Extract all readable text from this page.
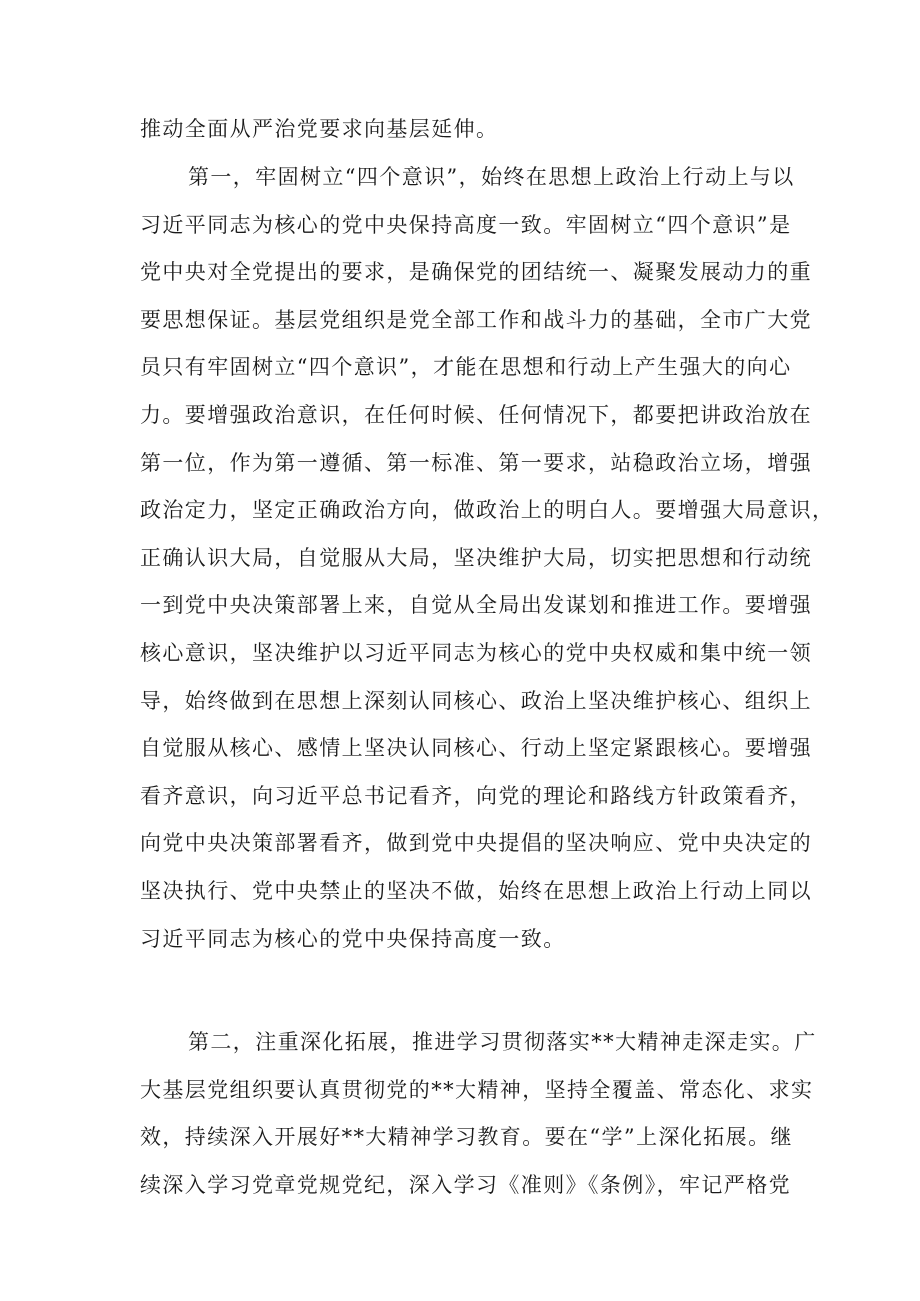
推动全面从严治党要求向基层延伸。
第一，牢固树立“四个意识”，始终在思想上政治上行动上与以
习近平同志为核心的党中央保持高度一致。牢固树立“四个意识”是
党中央对全党提出的要求，是确保党的团结统一、凝聚发展动力的重
要思想保证。基层党组织是党全部工作和战斗力的基础，全市广大党
员只有牢固树立“四个意识”，才能在思想和行动上产生强大的向心
力。要增强政治意识，在任何时候、任何情况下，都要把讲政治放在
第一位，作为第一遵循、第一标准、第一要求，站稳政治立场，增强
政治定力，坚定正确政治方向，做政治上的明白人。要增强大局意识，
正确认识大局，自觉服从大局，坚决维护大局，切实把思想和行动统
一到党中央决策部署上来，自觉从全局出发谋划和推进工作。要增强
核心意识，坚决维护以习近平同志为核心的党中央权威和集中统一领
导，始终做到在思想上深刻认同核心、政治上坚决维护核心、组织上
自觉服从核心、感情上坚决认同核心、行动上坚定紧跟核心。要增强
看齐意识，向习近平总书记看齐，向党的理论和路线方针政策看齐，
向党中央决策部署看齐，做到党中央提倡的坚决响应、党中央决定的
坚决执行、党中央禁止的坚决不做，始终在思想上政治上行动上同以
习近平同志为核心的党中央保持高度一致。
第二，注重深化拓展，推进学习贯彻落实**大精神走深走实。广
大基层党组织要认真贯彻党的**大精神，坚持全覆盖、常态化、求实
效，持续深入开展好**大精神学习教育。要在“学”上深化拓展。继
续深入学习党章党规党纪，深入学习《准则》《条例》，牢记严格党
